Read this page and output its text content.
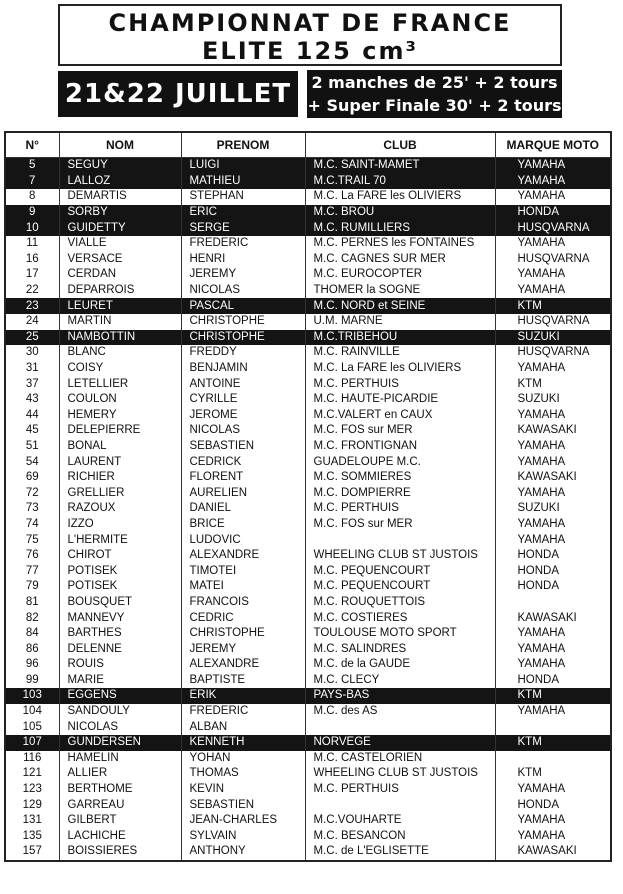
CHAMPIONNAT DE FRANCE
ELITE 125 cm³
21&22 JUILLET 2001
2 manches de 25' + 2 tours
+ Super Finale 30' + 2 tours
N°	NOM	PRENOM	CLUB	MARQUE MOTO
5	SEGUY	LUIGI	M.C. SAINT-MAMET	YAMAHA
7	LALLOZ	MATHIEU	M.C.TRAIL 70	YAMAHA
8	DEMARTIS	STEPHAN	M.C. La FARE les OLIVIERS	YAMAHA
9	SORBY	ERIC	M.C. BROU	HONDA
10	GUIDETTY	SERGE	M.C. RUMILLIERS	HUSQVARNA
11	VIALLE	FREDERIC	M.C. PERNES les FONTAINES	YAMAHA
16	VERSACE	HENRI	M.C. CAGNES SUR MER	HUSQVARNA
17	CERDAN	JEREMY	M.C. EUROCOPTER	YAMAHA
22	DEPARROIS	NICOLAS	THOMER la SOGNE	YAMAHA
23	LEURET	PASCAL	M.C. NORD et SEINE	KTM
24	MARTIN	CHRISTOPHE	U.M. MARNE	HUSQVARNA
25	NAMBOTTIN	CHRISTOPHE	M.C.TRIBEHOU	SUZUKI
30	BLANC	FREDDY	M.C. RAINVILLE	HUSQVARNA
31	COISY	BENJAMIN	M.C. La FARE les OLIVIERS	YAMAHA
37	LETELLIER	ANTOINE	M.C. PERTHUIS	KTM
43	COULON	CYRILLE	M.C. HAUTE-PICARDIE	SUZUKI
44	HEMERY	JEROME	M.C.VALERT en CAUX	YAMAHA
45	DELEPIERRE	NICOLAS	M.C. FOS sur MER	KAWASAKI
51	BONAL	SEBASTIEN	M.C. FRONTIGNAN	YAMAHA
54	LAURENT	CEDRICK	GUADELOUPE M.C.	YAMAHA
69	RICHIER	FLORENT	M.C. SOMMIERES	KAWASAKI
72	GRELLIER	AURELIEN	M.C. DOMPIERRE	YAMAHA
73	RAZOUX	DANIEL	M.C. PERTHUIS	SUZUKI
74	IZZO	BRICE	M.C. FOS sur MER	YAMAHA
75	L'HERMITE	LUDOVIC		YAMAHA
76	CHIROT	ALEXANDRE	WHEELING CLUB ST JUSTOIS	HONDA
77	POTISEK	TIMOTEI	M.C. PEQUENCOURT	HONDA
79	POTISEK	MATEI	M.C. PEQUENCOURT	HONDA
81	BOUSQUET	FRANCOIS	M.C. ROUQUETTOIS	
82	MANNEVY	CEDRIC	M.C. COSTIERES	KAWASAKI
84	BARTHES	CHRISTOPHE	TOULOUSE MOTO SPORT	YAMAHA
86	DELENNE	JEREMY	M.C. SALINDRES	YAMAHA
96	ROUIS	ALEXANDRE	M.C. de la GAUDE	YAMAHA
99	MARIE	BAPTISTE	M.C. CLECY	HONDA
103	EGGENS	ERIK	PAYS-BAS	KTM
104	SANDOULY	FREDERIC	M.C. des AS	YAMAHA
105	NICOLAS	ALBAN		
107	GUNDERSEN	KENNETH	NORVEGE	KTM
116	HAMELIN	YOHAN	M.C. CASTELORIEN	
121	ALLIER	THOMAS	WHEELING CLUB ST JUSTOIS	KTM
123	BERTHOME	KEVIN	M.C. PERTHUIS	YAMAHA
129	GARREAU	SEBASTIEN		HONDA
131	GILBERT	JEAN-CHARLES	M.C.VOUHARTE	YAMAHA
135	LACHICHE	SYLVAIN	M.C. BESANCON	YAMAHA
157	BOISSIERES	ANTHONY	M.C. de L'EGLISETTE	KAWASAKI
